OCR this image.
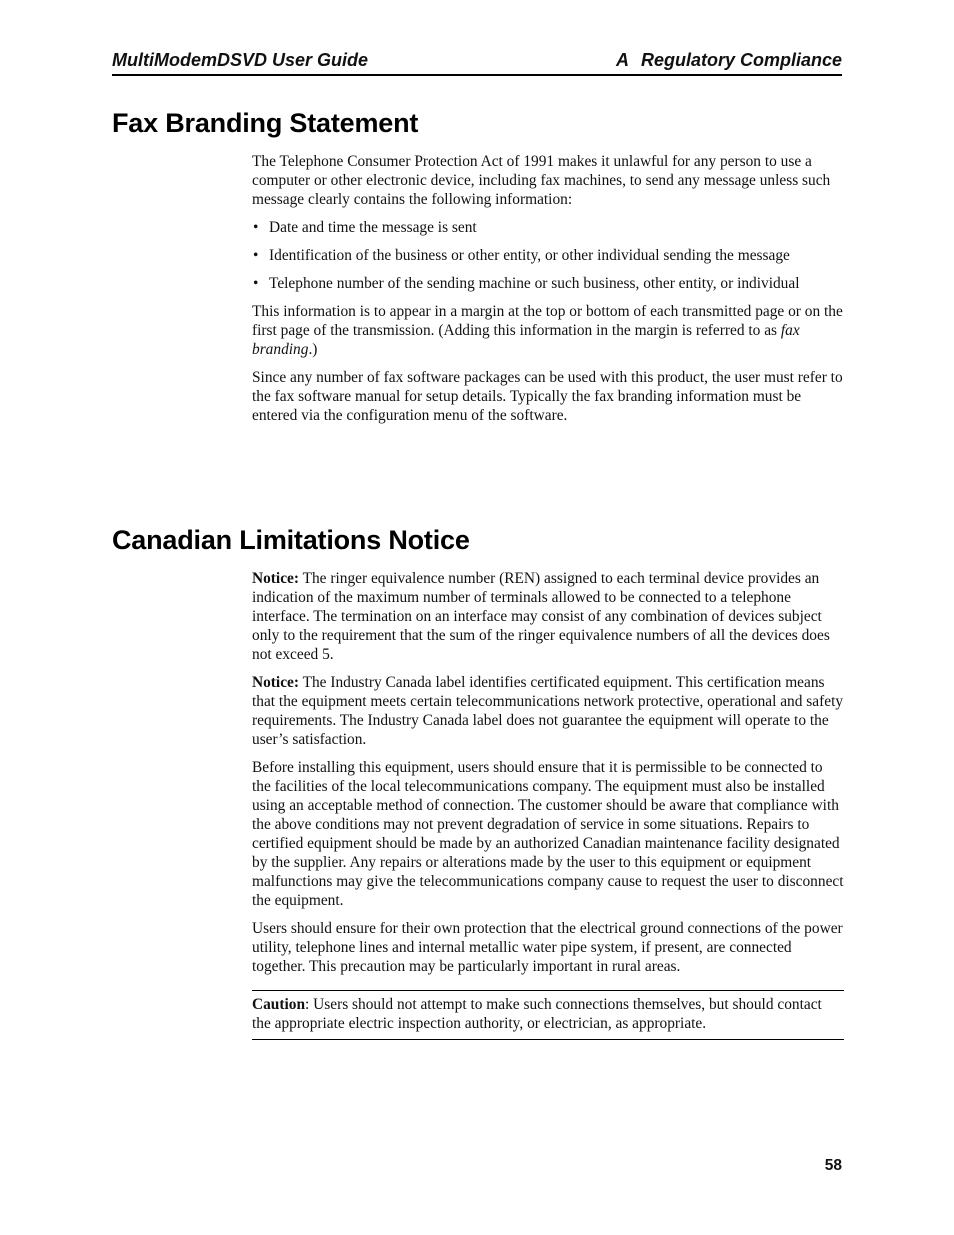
MultiModemDSVD User Guide	A Regulatory Compliance
Fax Branding Statement

The Telephone Consumer Protection Act of 1991 makes it unlawful for any person to use a computer or other electronic device, including fax machines, to send any message unless such message clearly contains the following information:

• Date and time the message is sent
• Identification of the business or other entity, or other individual sending the message
• Telephone number of the sending machine or such business, other entity, or individual

This information is to appear in a margin at the top or bottom of each transmitted page or on the first page of the transmission. (Adding this information in the margin is referred to as fax branding.)

Since any number of fax software packages can be used with this product, the user must refer to the fax software manual for setup details. Typically the fax branding information must be entered via the configuration menu of the software.

Canadian Limitations Notice

Notice: The ringer equivalence number (REN) assigned to each terminal device provides an indication of the maximum number of terminals allowed to be connected to a telephone interface. The termination on an interface may consist of any combination of devices subject only to the requirement that the sum of the ringer equivalence numbers of all the devices does not exceed 5.

Notice: The Industry Canada label identifies certificated equipment. This certification means that the equipment meets certain telecommunications network protective, operational and safety requirements. The Industry Canada label does not guarantee the equipment will operate to the user’s satisfaction.

Before installing this equipment, users should ensure that it is permissible to be connected to the facilities of the local telecommunications company. The equipment must also be installed using an acceptable method of connection. The customer should be aware that compliance with the above conditions may not prevent degradation of service in some situations. Repairs to certified equipment should be made by an authorized Canadian maintenance facility designated by the supplier. Any repairs or alterations made by the user to this equipment or equipment malfunctions may give the telecommunications company cause to request the user to disconnect the equipment.

Users should ensure for their own protection that the electrical ground connections of the power utility, telephone lines and internal metallic water pipe system, if present, are connected together. This precaution may be particularly important in rural areas.

Caution: Users should not attempt to make such connections themselves, but should contact the appropriate electric inspection authority, or electrician, as appropriate.
58
